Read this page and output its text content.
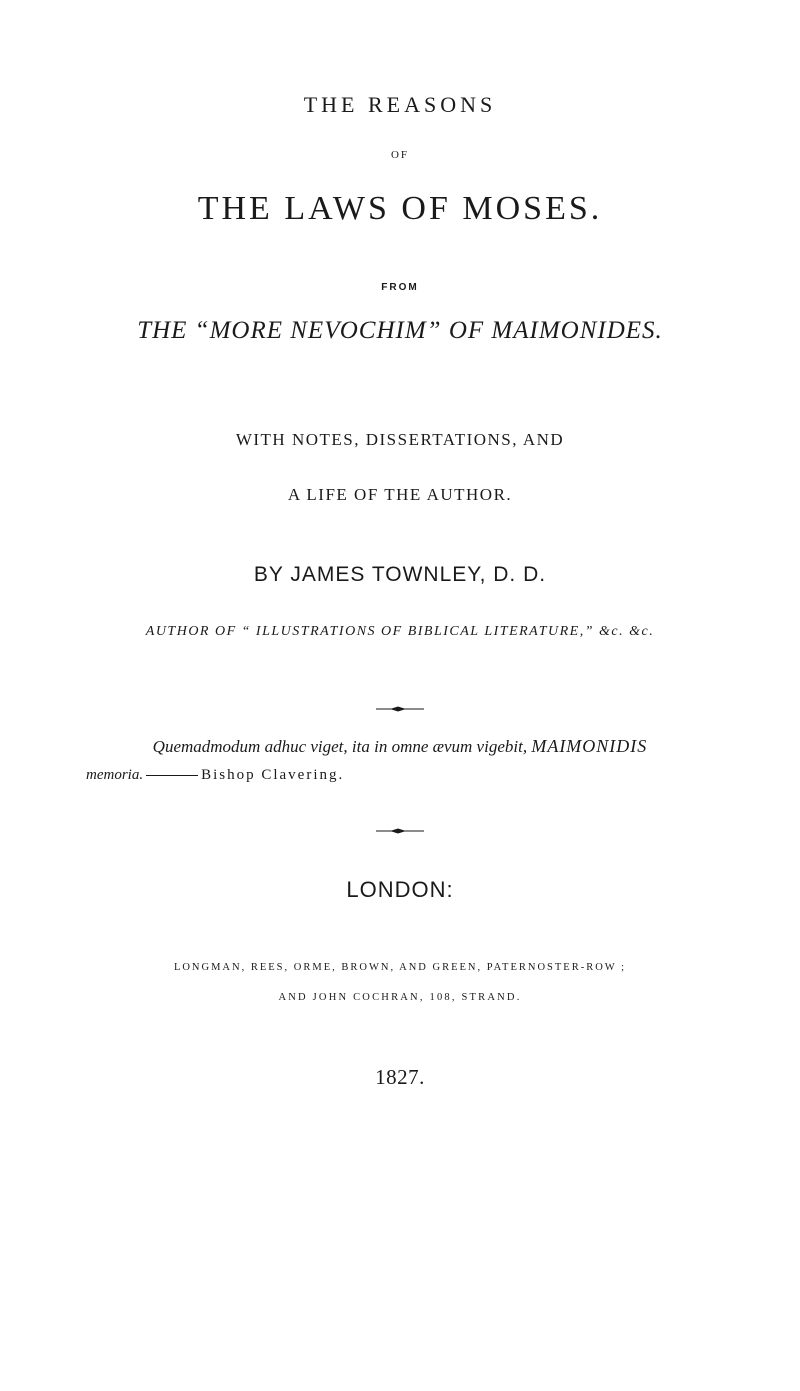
THE REASONS
OF
THE LAWS OF MOSES.
FROM
THE “MORE NEVOCHIM” OF MAIMONIDES.
WITH NOTES, DISSERTATIONS, AND
A LIFE OF THE AUTHOR.
BY JAMES TOWNLEY, D. D.
AUTHOR OF “ ILLUSTRATIONS OF BIBLICAL LITERATURE,” &c. &c.
Quemadmodum adhuc viget, ita in omne ævum vigebit, MAIMONIDIS
memoria.	Bishop Clavering.
LONDON:
LONGMAN, REES, ORME, BROWN, AND GREEN, PATERNOSTER-ROW ;
AND JOHN COCHRAN, 108, STRAND.
1827.
